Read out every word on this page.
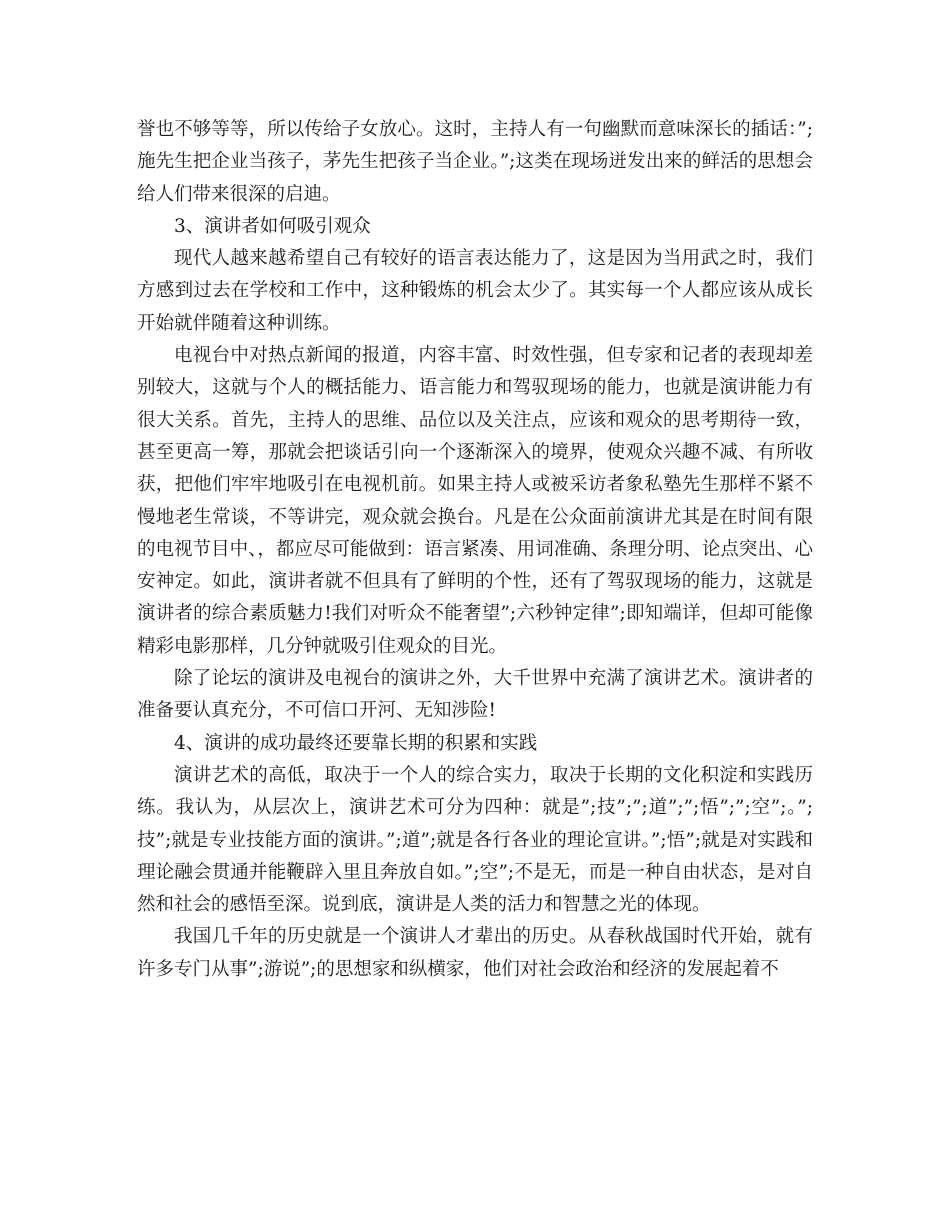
誉也不够等等，所以传给子女放心。这时，主持人有一句幽默而意味深长的插话：”;施先生把企业当孩子，茅先生把孩子当企业。”;这类在现场迸发出来的鲜活的思想会给人们带来很深的启迪。

3、演讲者如何吸引观众

现代人越来越希望自己有较好的语言表达能力了，这是因为当用武之时，我们方感到过去在学校和工作中，这种锻炼的机会太少了。其实每一个人都应该从成长开始就伴随着这种训练。

电视台中对热点新闻的报道，内容丰富、时效性强，但专家和记者的表现却差别较大，这就与个人的概括能力、语言能力和驾驭现场的能力，也就是演讲能力有很大关系。首先，主持人的思维、品位以及关注点，应该和观众的思考期待一致，甚至更高一筹，那就会把谈话引向一个逐渐深入的境界，使观众兴趣不减、有所收获，把他们牢牢地吸引在电视机前。如果主持人或被采访者象私塾先生那样不紧不慢地老生常谈，不等讲完，观众就会换台。凡是在公众面前演讲尤其是在时间有限的电视节目中、，都应尽可能做到：语言紧凑、用词准确、条理分明、论点突出、心安神定。如此，演讲者就不但具有了鲜明的个性，还有了驾驭现场的能力，这就是演讲者的综合素质魅力!我们对听众不能奢望”;六秒钟定律”;即知端详，但却可能像精彩电影那样，几分钟就吸引住观众的目光。

除了论坛的演讲及电视台的演讲之外，大千世界中充满了演讲艺术。演讲者的准备要认真充分，不可信口开河、无知涉险!

4、演讲的成功最终还要靠长期的积累和实践

演讲艺术的高低，取决于一个人的综合实力，取决于长期的文化积淀和实践历练。我认为，从层次上，演讲艺术可分为四种：就是”;技”;”;道”;”;悟”;”;空”;。”;技”;就是专业技能方面的演讲。”;道”;就是各行各业的理论宣讲。”;悟”;就是对实践和理论融会贯通并能鞭辟入里且奔放自如。”;空”;不是无，而是一种自由状态，是对自然和社会的感悟至深。说到底，演讲是人类的活力和智慧之光的体现。

我国几千年的历史就是一个演讲人才辈出的历史。从春秋战国时代开始，就有许多专门从事”;游说”;的思想家和纵横家，他们对社会政治和经济的发展起着不
